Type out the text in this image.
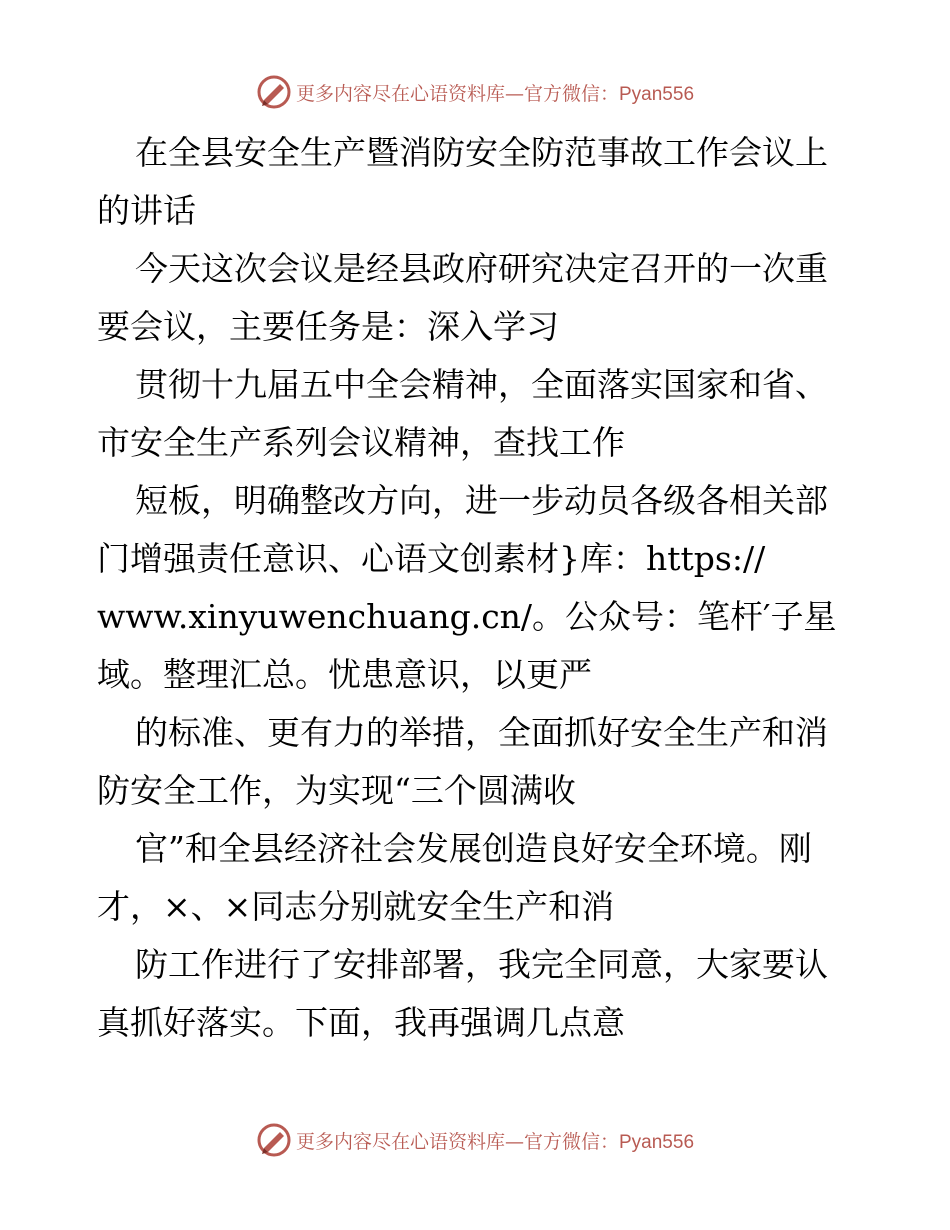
更多内容尽在心语资料库—官方微信：Pyan556
在全县安全生产暨消防安全防范事故工作会议上
的讲话
今天这次会议是经县政府研究决定召开的一次重
要会议，主要任务是：深入学习
贯彻十九届五中全会精神，全面落实国家和省、
市安全生产系列会议精神，查找工作
短板，明确整改方向，进一步动员各级各相关部
门增强责任意识、心语文创素材}库：https://
www.xinyuwenchuang.cn/。公众号：笔杆′子星
域。整理汇总。忧患意识，以更严
的标准、更有力的举措，全面抓好安全生产和消
防安全工作，为实现“三个圆满收
官”和全县经济社会发展创造良好安全环境。刚
才，×、×同志分别就安全生产和消
防工作进行了安排部署，我完全同意，大家要认
真抓好落实。下面，我再强调几点意
更多内容尽在心语资料库—官方微信：Pyan556
